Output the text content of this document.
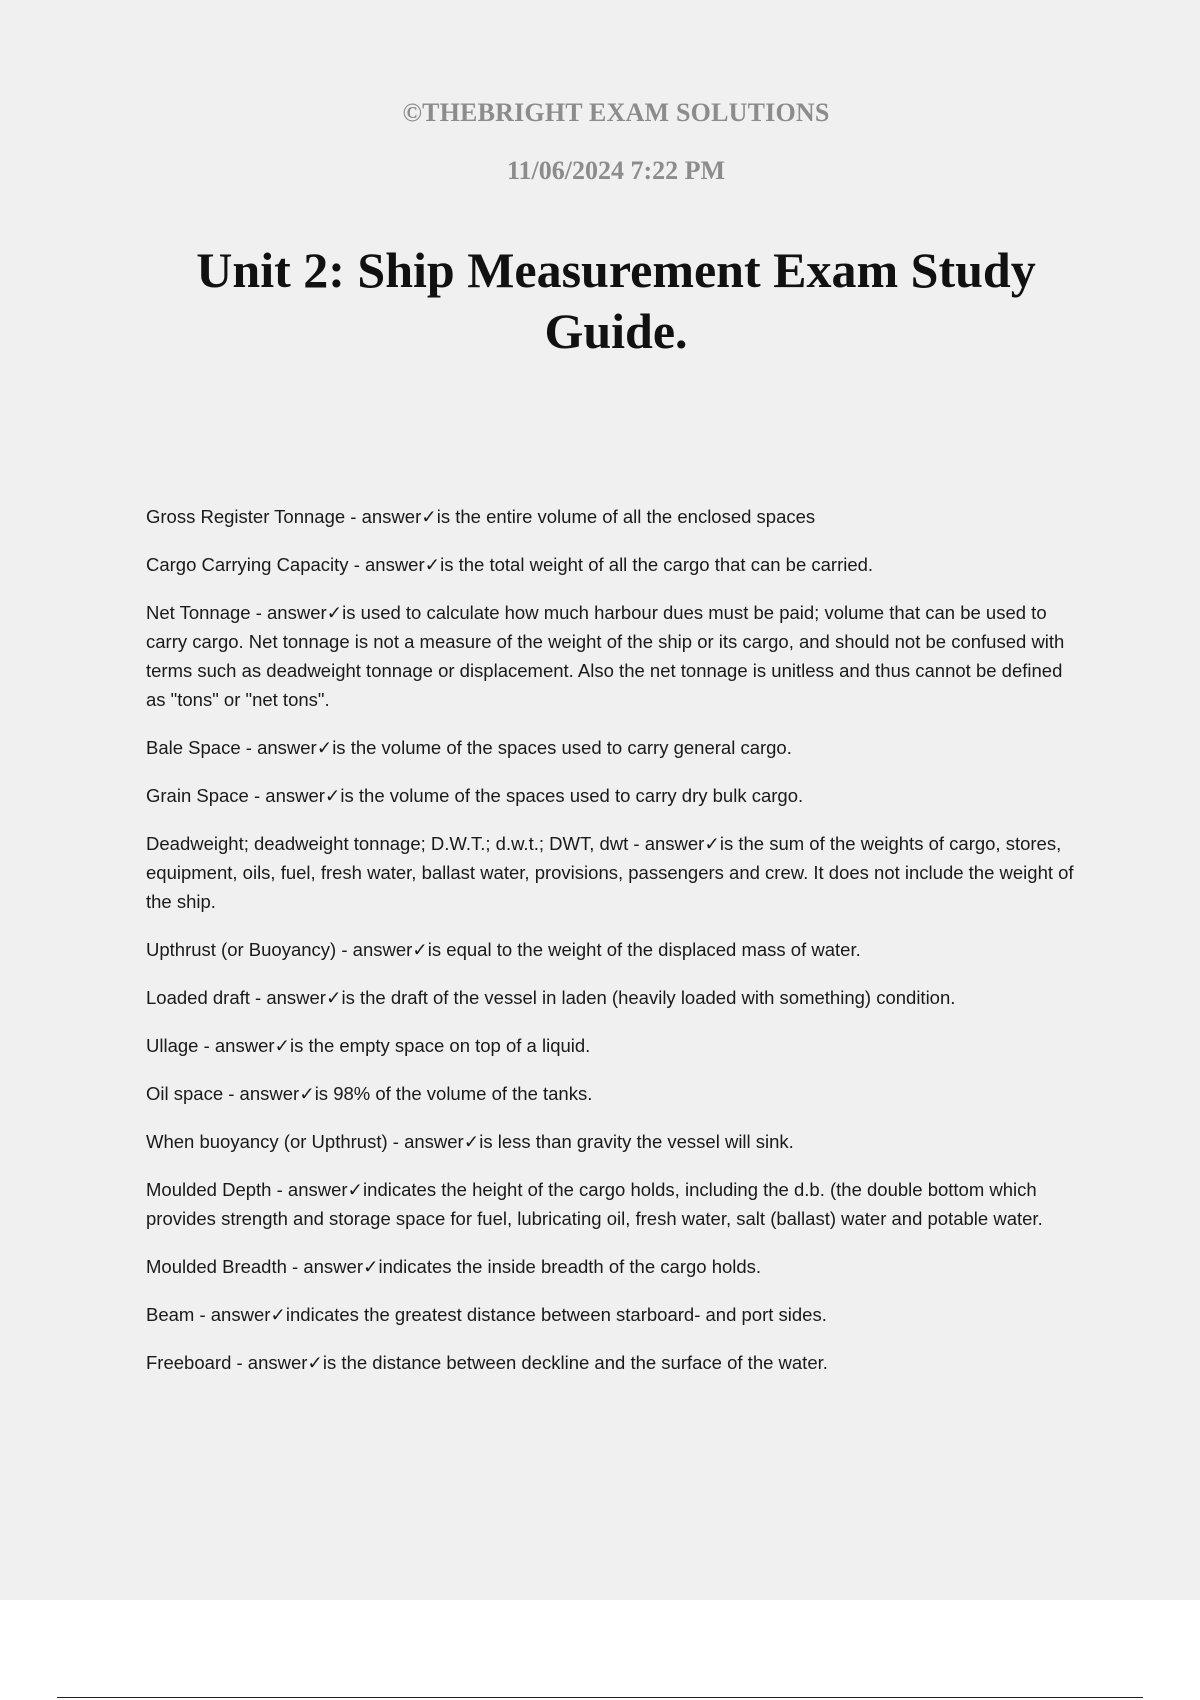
©THEBRIGHT EXAM SOLUTIONS
11/06/2024 7:22 PM
Unit 2: Ship Measurement Exam Study Guide.
Gross Register Tonnage - answer✓is the entire volume of all the enclosed spaces
Cargo Carrying Capacity - answer✓is the total weight of all the cargo that can be carried.
Net Tonnage - answer✓is used to calculate how much harbour dues must be paid; volume that can be used to carry cargo. Net tonnage is not a measure of the weight of the ship or its cargo, and should not be confused with terms such as deadweight tonnage or displacement. Also the net tonnage is unitless and thus cannot be defined as "tons" or "net tons".
Bale Space - answer✓is the volume of the spaces used to carry general cargo.
Grain Space - answer✓is the volume of the spaces used to carry dry bulk cargo.
Deadweight; deadweight tonnage; D.W.T.; d.w.t.; DWT, dwt - answer✓is the sum of the weights of cargo, stores, equipment, oils, fuel, fresh water, ballast water, provisions, passengers and crew. It does not include the weight of the ship.
Upthrust (or Buoyancy) - answer✓is equal to the weight of the displaced mass of water.
Loaded draft - answer✓is the draft of the vessel in laden (heavily loaded with something) condition.
Ullage - answer✓is the empty space on top of a liquid.
Oil space - answer✓is 98% of the volume of the tanks.
When buoyancy (or Upthrust) - answer✓is less than gravity the vessel will sink.
Moulded Depth - answer✓indicates the height of the cargo holds, including the d.b. (the double bottom which provides strength and storage space for fuel, lubricating oil, fresh water, salt (ballast) water and potable water.
Moulded Breadth - answer✓indicates the inside breadth of the cargo holds.
Beam - answer✓indicates the greatest distance between starboard- and port sides.
Freeboard - answer✓is the distance between deckline and the surface of the water.
